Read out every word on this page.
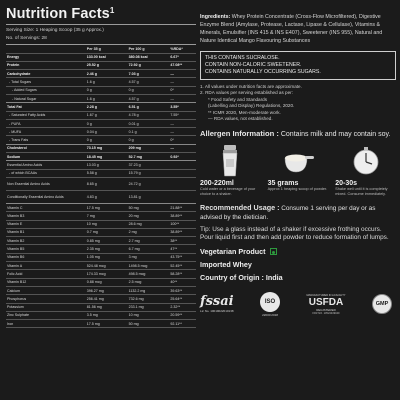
Nutrition Facts$^1$
Serving Size: 1 Heaping Scoop (35 g Approx.)
No. of Servings: 28
	Per 35 g	Per 100 g	%RDA*
Energy	133.00 kcal	380.08 kcal	6.67*
Protein	25.52 g	72.92 g	47.08**
Carbohydrate	2.46 g	7.03 g	—
- Total Sugars	1.6 g	4.57 g	—
- Added Sugars	0 g	0 g	0*
- Natural Sugar	1.6 g	4.57 g	—
Total Fat	2.28 g	6.51 g	3.55*
- Saturated Fatty Acids	1.67 g	4.78 g	7.55*
- PUFA	0 g	0.01 g	—
- MUFA	0.04 g	0.1 g	—
- Trans Fats	0 g	0 g	0*
Cholesterol	73.15 mg	209 mg	—
Sodium	18.45 mg	52.7 mg	0.92*
Essential Amino Acids	13.03 g	37.23 g	
- of which BCAAs	5.58 g	15.79 g	
Non Essential Amino Acids	8.65 g	24.72 g	
Conditionally Essential Amino Acids	4.83 g	13.81 g	
Vitamin C	17.5 mg	50 mg	21.88**
Vitamin B3	7 mg	20 mg	38.89**
Vitamin E	10 mg	28.6 mg	100**
Vitamin B1	0.7 mg	2 mg	38.89**
Vitamin B2	0.85 mg	2.7 mg	38**
Vitamin B5	2.35 mg	6.7 mg	47**
Vitamin B6	1.05 mg	3 mg	43.75**
Vitamin A	524.48 mcg	1498.5 mcg	52.45**
Folic Acid	174.33 mcg	498.5 mcg	58.28**
Vitamin B12	0.88 mcg	2.5 mcg	40**
Calcium	396.27 mg	1132.2 mg	39.63**
Phosphorus	256.41 mg	732.6 mg	25.64**
Potassium	81.56 mg	233.1 mg	2.32**
Zinc Sulphate	3.5 mg	10 mg	20.59**
Iron	17.5 mg	50 mg	92.11**
Ingredients: Whey Protein Concentrate (Cross-Flow Microfiltered), Digestive Enzyme Blend (Amylase, Protease, Lactase, Lipase & Cellulase), Vitamins & Minerals, Emulsifier (INS 415 & INS E407), Sweetener (INS 955), Natural and Nature Identical Mango Flavouring Substances
THIS CONTAINS SUCRALOSE.
CONTAIN NON-CALORIC SWEETENER.
CONTAINS NATURALLY OCCURRING SUGARS.
1. All values under nutrition facts are approximate.
2. RDA values per serving established as per:
* Food Safety and Standards
(Labelling and Display) Regulations, 2020.
** ICMR 2020, Men-moderate work.
— RDA values, not established.
Allergen Information : Contains milk and may contain soy.
200-220ml
Cold water or a beverage of your choice to a shaker.
35 grams
Approx 1 heaping scoop of powder.
20-30s
Shake well until it is completely mixed. Consume immediately.
Recommended Usage : Consume 1 serving per day or as advised by the dietician.
Tip: Use a glass instead of a shaker if excessive frothing occurs. Pour liquid first and then add powder to reduce formation of lumps.
Vegetarian Product
Imported Whey
Country of Origin : India
fssai
Lic No. 10019022010138
ISO
22000:2018
MANUFACTURED IN A FACILITY
USFDA
REGISTERED
FFR NO. 10524439049
GMP
